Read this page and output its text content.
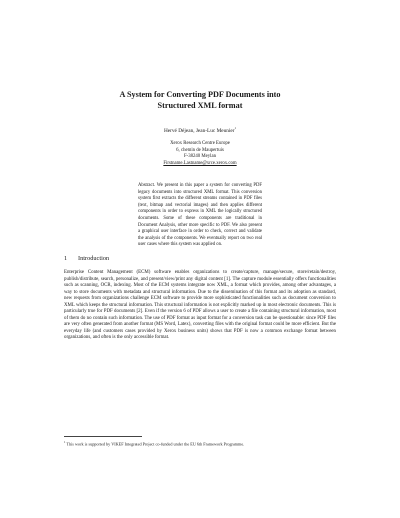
A System for Converting PDF Documents into Structured XML format
Hervé Déjean, Jean-Luc Meunier$^1$
Xerox Research Centre Europe
6, chemin de Maupertuis
F-38240 Meylan
Firstname.Lastname@xrce.xerox.com
Abstract. We present in this paper a system for converting PDF legacy documents into structured XML format. This conversion system first extracts the different streams contained in PDF files (text, bitmap and vectorial images) and then applies different components in order to express in XML the logically structured documents. Some of these components are traditional in Document Analysis, other more specific to PDF. We also present a graphical user interface in order to check, correct and validate the analysis of the components. We eventually report on two real user cases where this system was applied on.
1 Introduction
Enterprise Content Management (ECM) software enables organizations to create/capture, manage/secure, store/retain/destroy, publish/distribute, search, personalize, and present/view/print any digital content [1]. The capture module essentially offers functionalities such as scanning, OCR, indexing. Most of the ECM systems integrate now XML, a format which provides, among other advantages, a way to store documents with metadata and structural information. Due to the dissemination of this format and its adoption as standard, new requests from organizations challenge ECM software to provide more sophisticated functionalities such as document conversion to XML which keeps the structural information. This structural information is not explicitly marked up in most electronic documents. This is particularly true for PDF documents [2]. Even if the version 6 of PDF allows a user to create a file containing structural information, most of them do no contain such information. The use of PDF format as input format for a conversion task can be questionable: since PDF files are very often generated from another format (MS Word, Latex), converting files with the original format could be more efficient. But the everyday life (and customers cases provided by Xerox business units) shows that PDF is now a common exchange format between organizations, and often is the only accessible format.
$^1$ This work is supported by VIKEF Integrated Project co-funded under the EU 6th Framework Programme.
